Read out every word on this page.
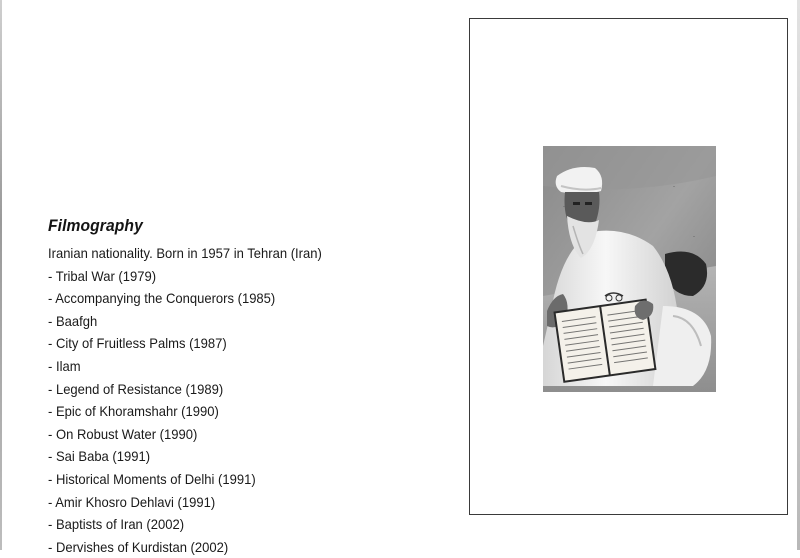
Filmography
Iranian nationality. Born in 1957 in Tehran (Iran)
- Tribal War (1979)
- Accompanying the Conquerors (1985)
- Baafgh
- City of Fruitless Palms (1987)
- Ilam
- Legend of Resistance (1989)
- Epic of Khoramshahr (1990)
- On Robust Water (1990)
- Sai Baba (1991)
- Historical Moments of Delhi (1991)
- Amir Khosro Dehlavi (1991)
- Baptists of Iran (2002)
- Dervishes of Kurdistan (2002)
